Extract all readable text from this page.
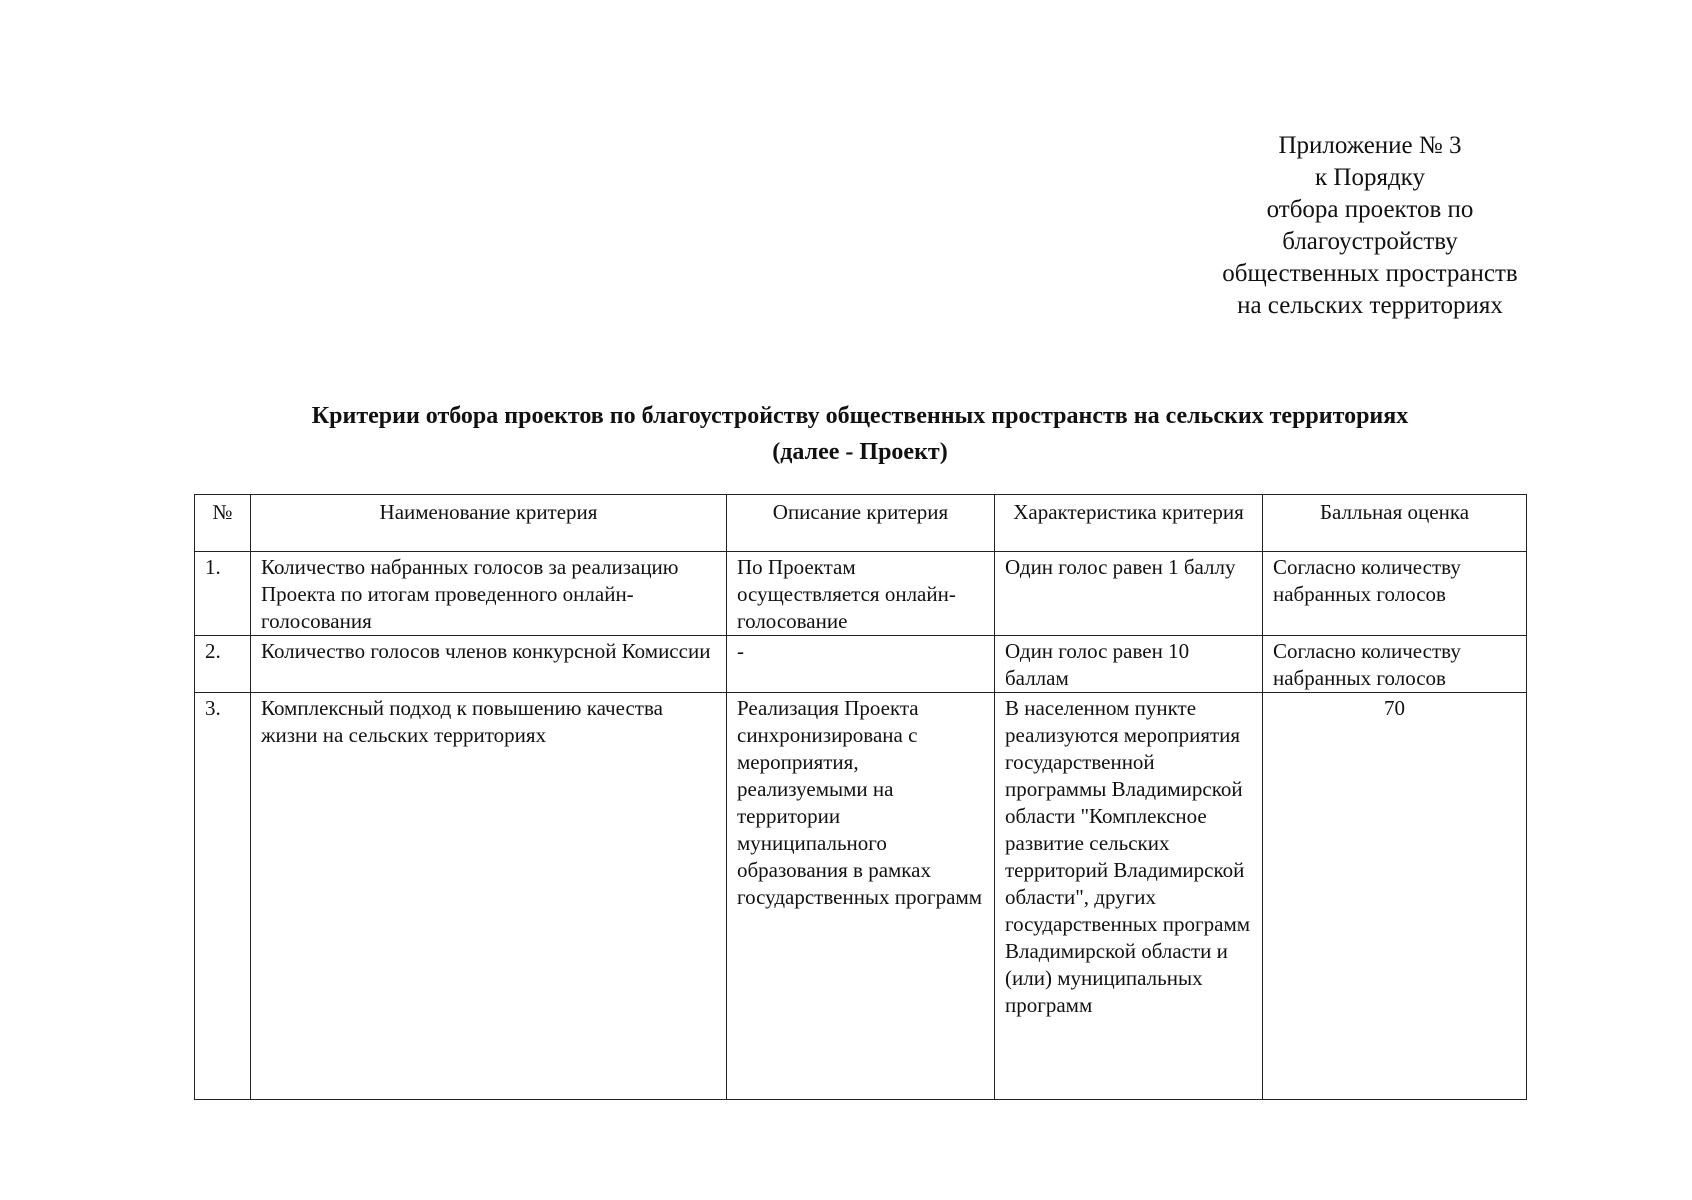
Приложение № 3
к Порядку
отбора проектов по
благоустройству
общественных пространств
на сельских территориях
Критерии отбора проектов по благоустройству общественных пространств на сельских территориях
(далее - Проект)
№	Наименование критерия	Описание критерия	Характеристика критерия	Балльная оценка
1.	Количество набранных голосов за реализацию Проекта по итогам проведенного онлайн-голосования	По Проектам осуществляется онлайн-голосование	Один голос равен 1 баллу	Согласно количеству набранных голосов
2.	Количество голосов членов конкурсной Комиссии	-	Один голос равен 10 баллам	Согласно количеству набранных голосов
3.	Комплексный подход к повышению качества жизни на сельских территориях	Реализация Проекта синхронизирована с мероприятия, реализуемыми на территории муниципального образования в рамках государственных программ	В населенном пункте реализуются мероприятия государственной программы Владимирской области "Комплексное развитие сельских территорий Владимирской области", других государственных программ Владимирской области и (или) муниципальных программ	70
